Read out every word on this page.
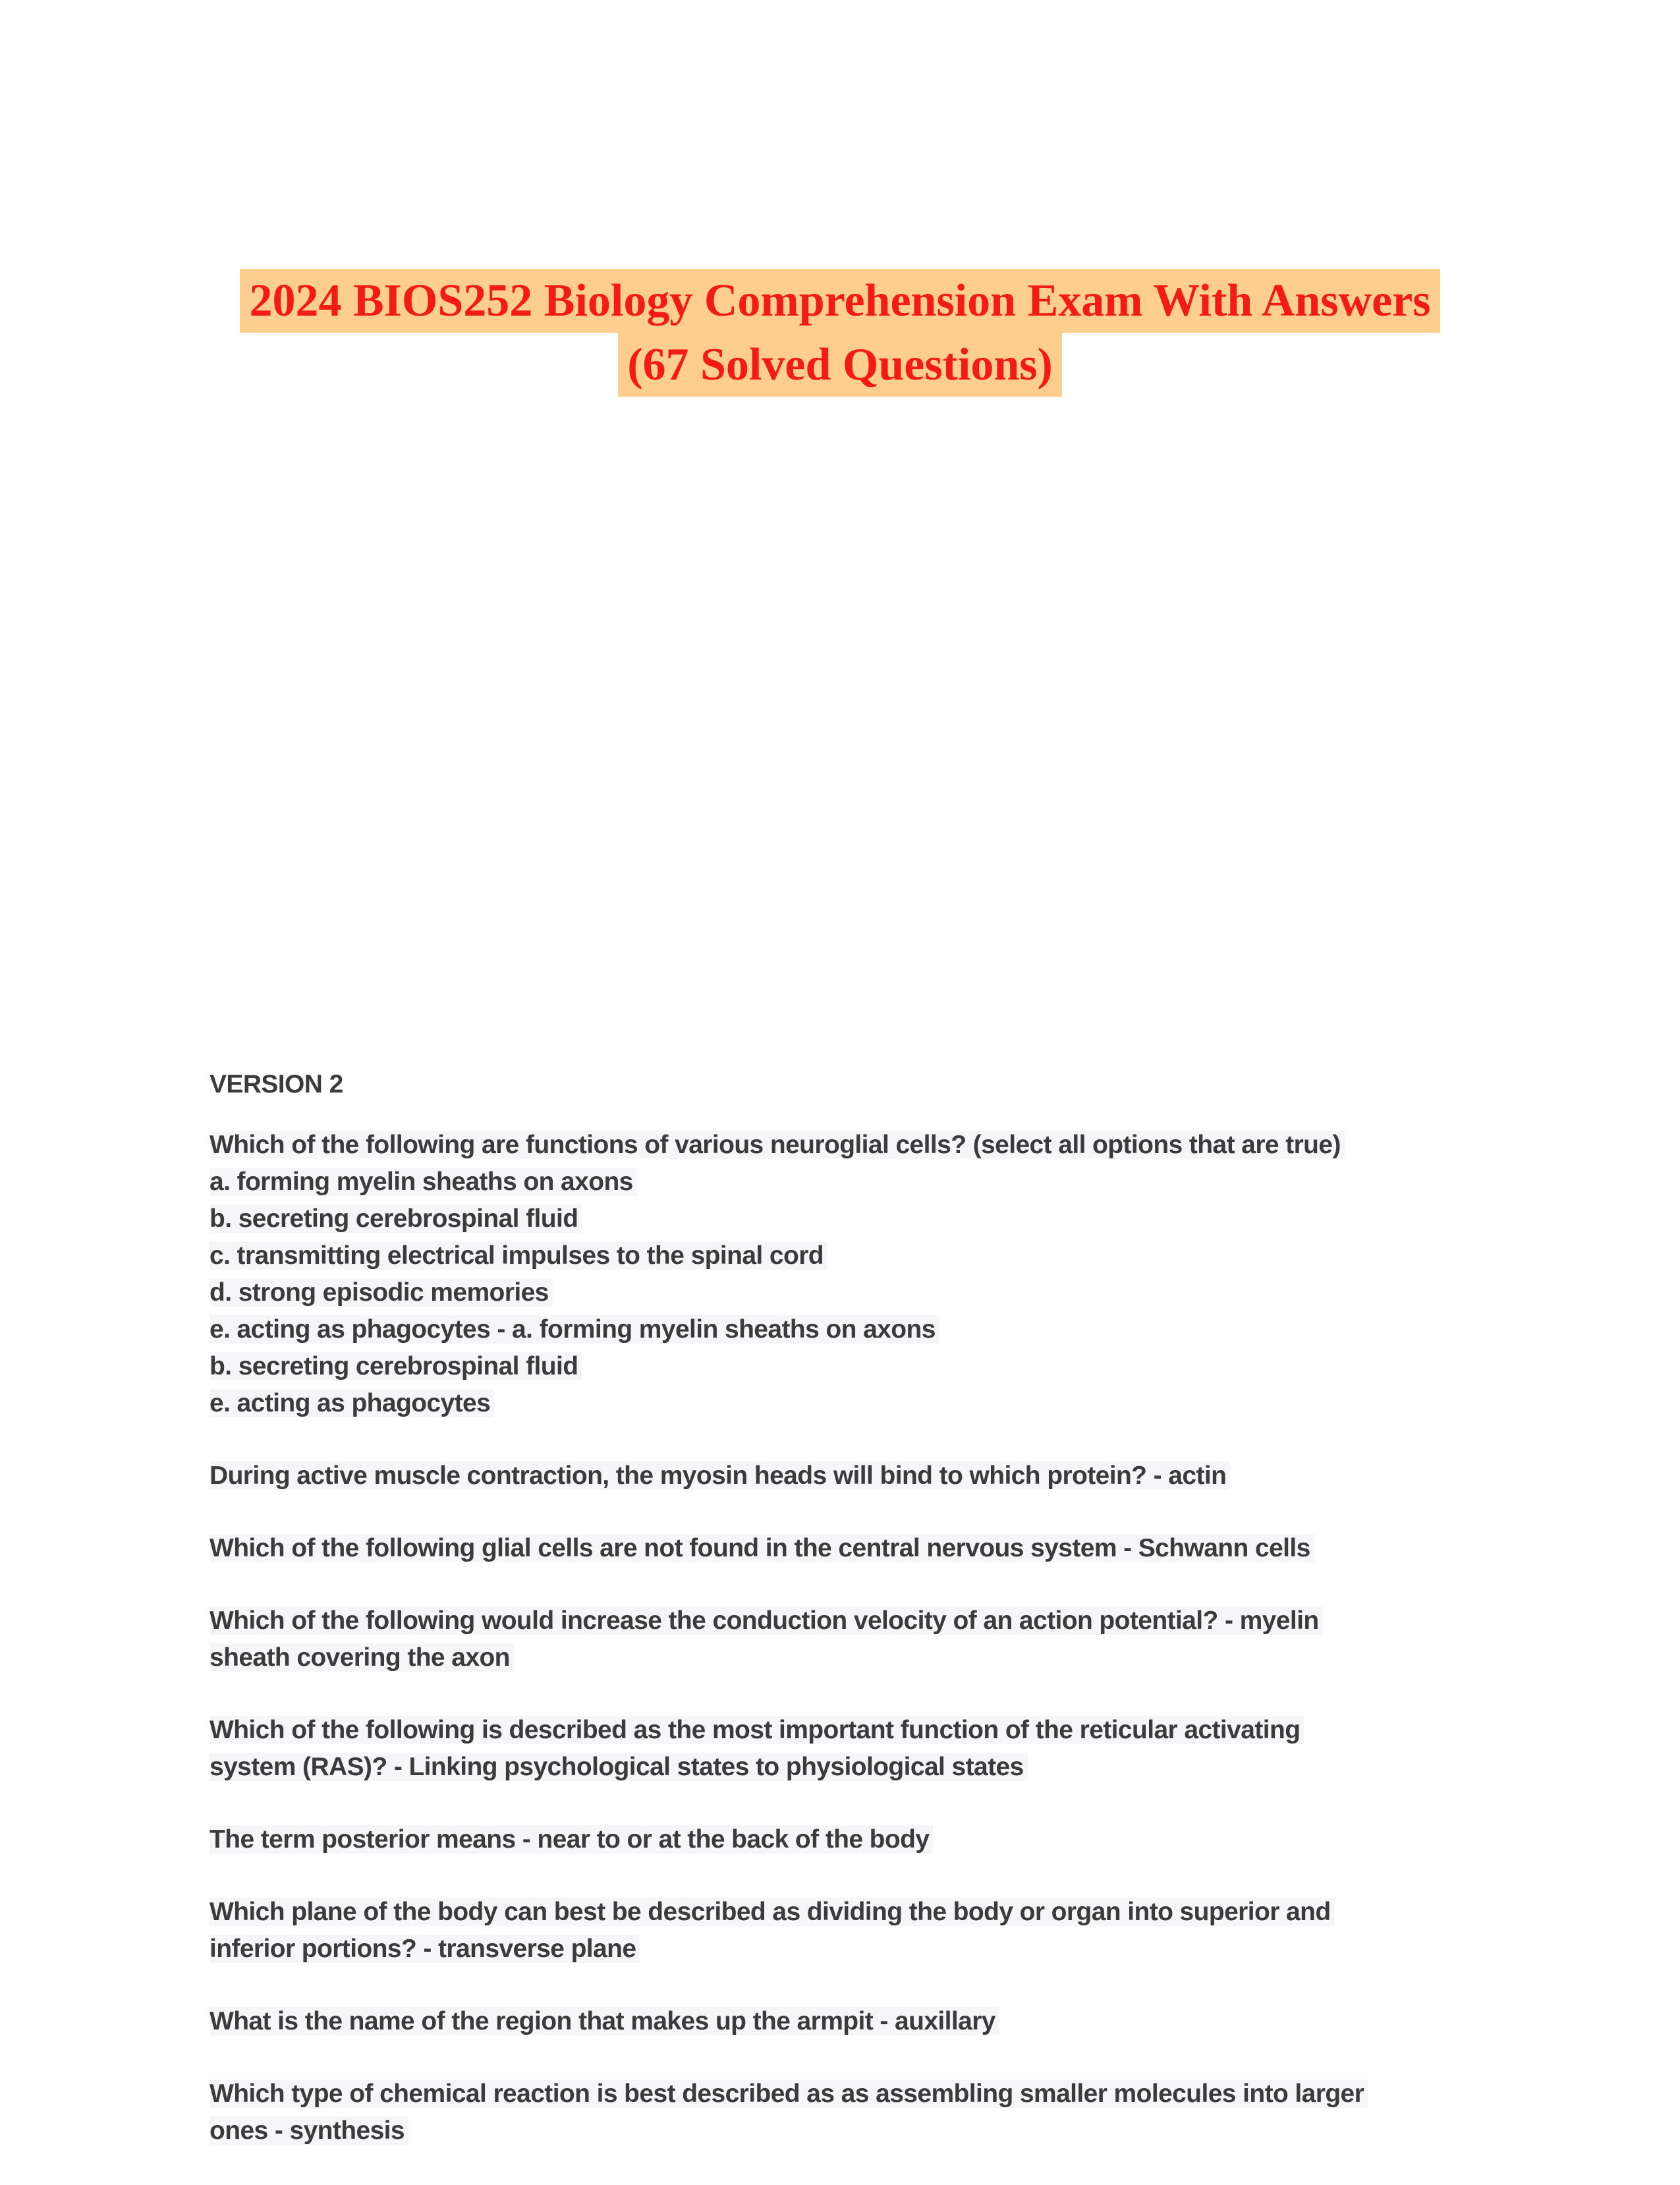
2024 BIOS252 Biology Comprehension Exam With Answers
(67 Solved Questions)
VERSION 2
Which of the following are functions of various neuroglial cells? (select all options that are true)
a. forming myelin sheaths on axons
b. secreting cerebrospinal fluid
c. transmitting electrical impulses to the spinal cord
d. strong episodic memories
e. acting as phagocytes - a. forming myelin sheaths on axons
b. secreting cerebrospinal fluid
e. acting as phagocytes
During active muscle contraction, the myosin heads will bind to which protein? - actin
Which of the following glial cells are not found in the central nervous system - Schwann cells
Which of the following would increase the conduction velocity of an action potential? - myelin
sheath covering the axon
Which of the following is described as the most important function of the reticular activating
system (RAS)? - Linking psychological states to physiological states
The term posterior means - near to or at the back of the body
Which plane of the body can best be described as dividing the body or organ into superior and
inferior portions? - transverse plane
What is the name of the region that makes up the armpit - auxillary
Which type of chemical reaction is best described as as assembling smaller molecules into larger
ones - synthesis
